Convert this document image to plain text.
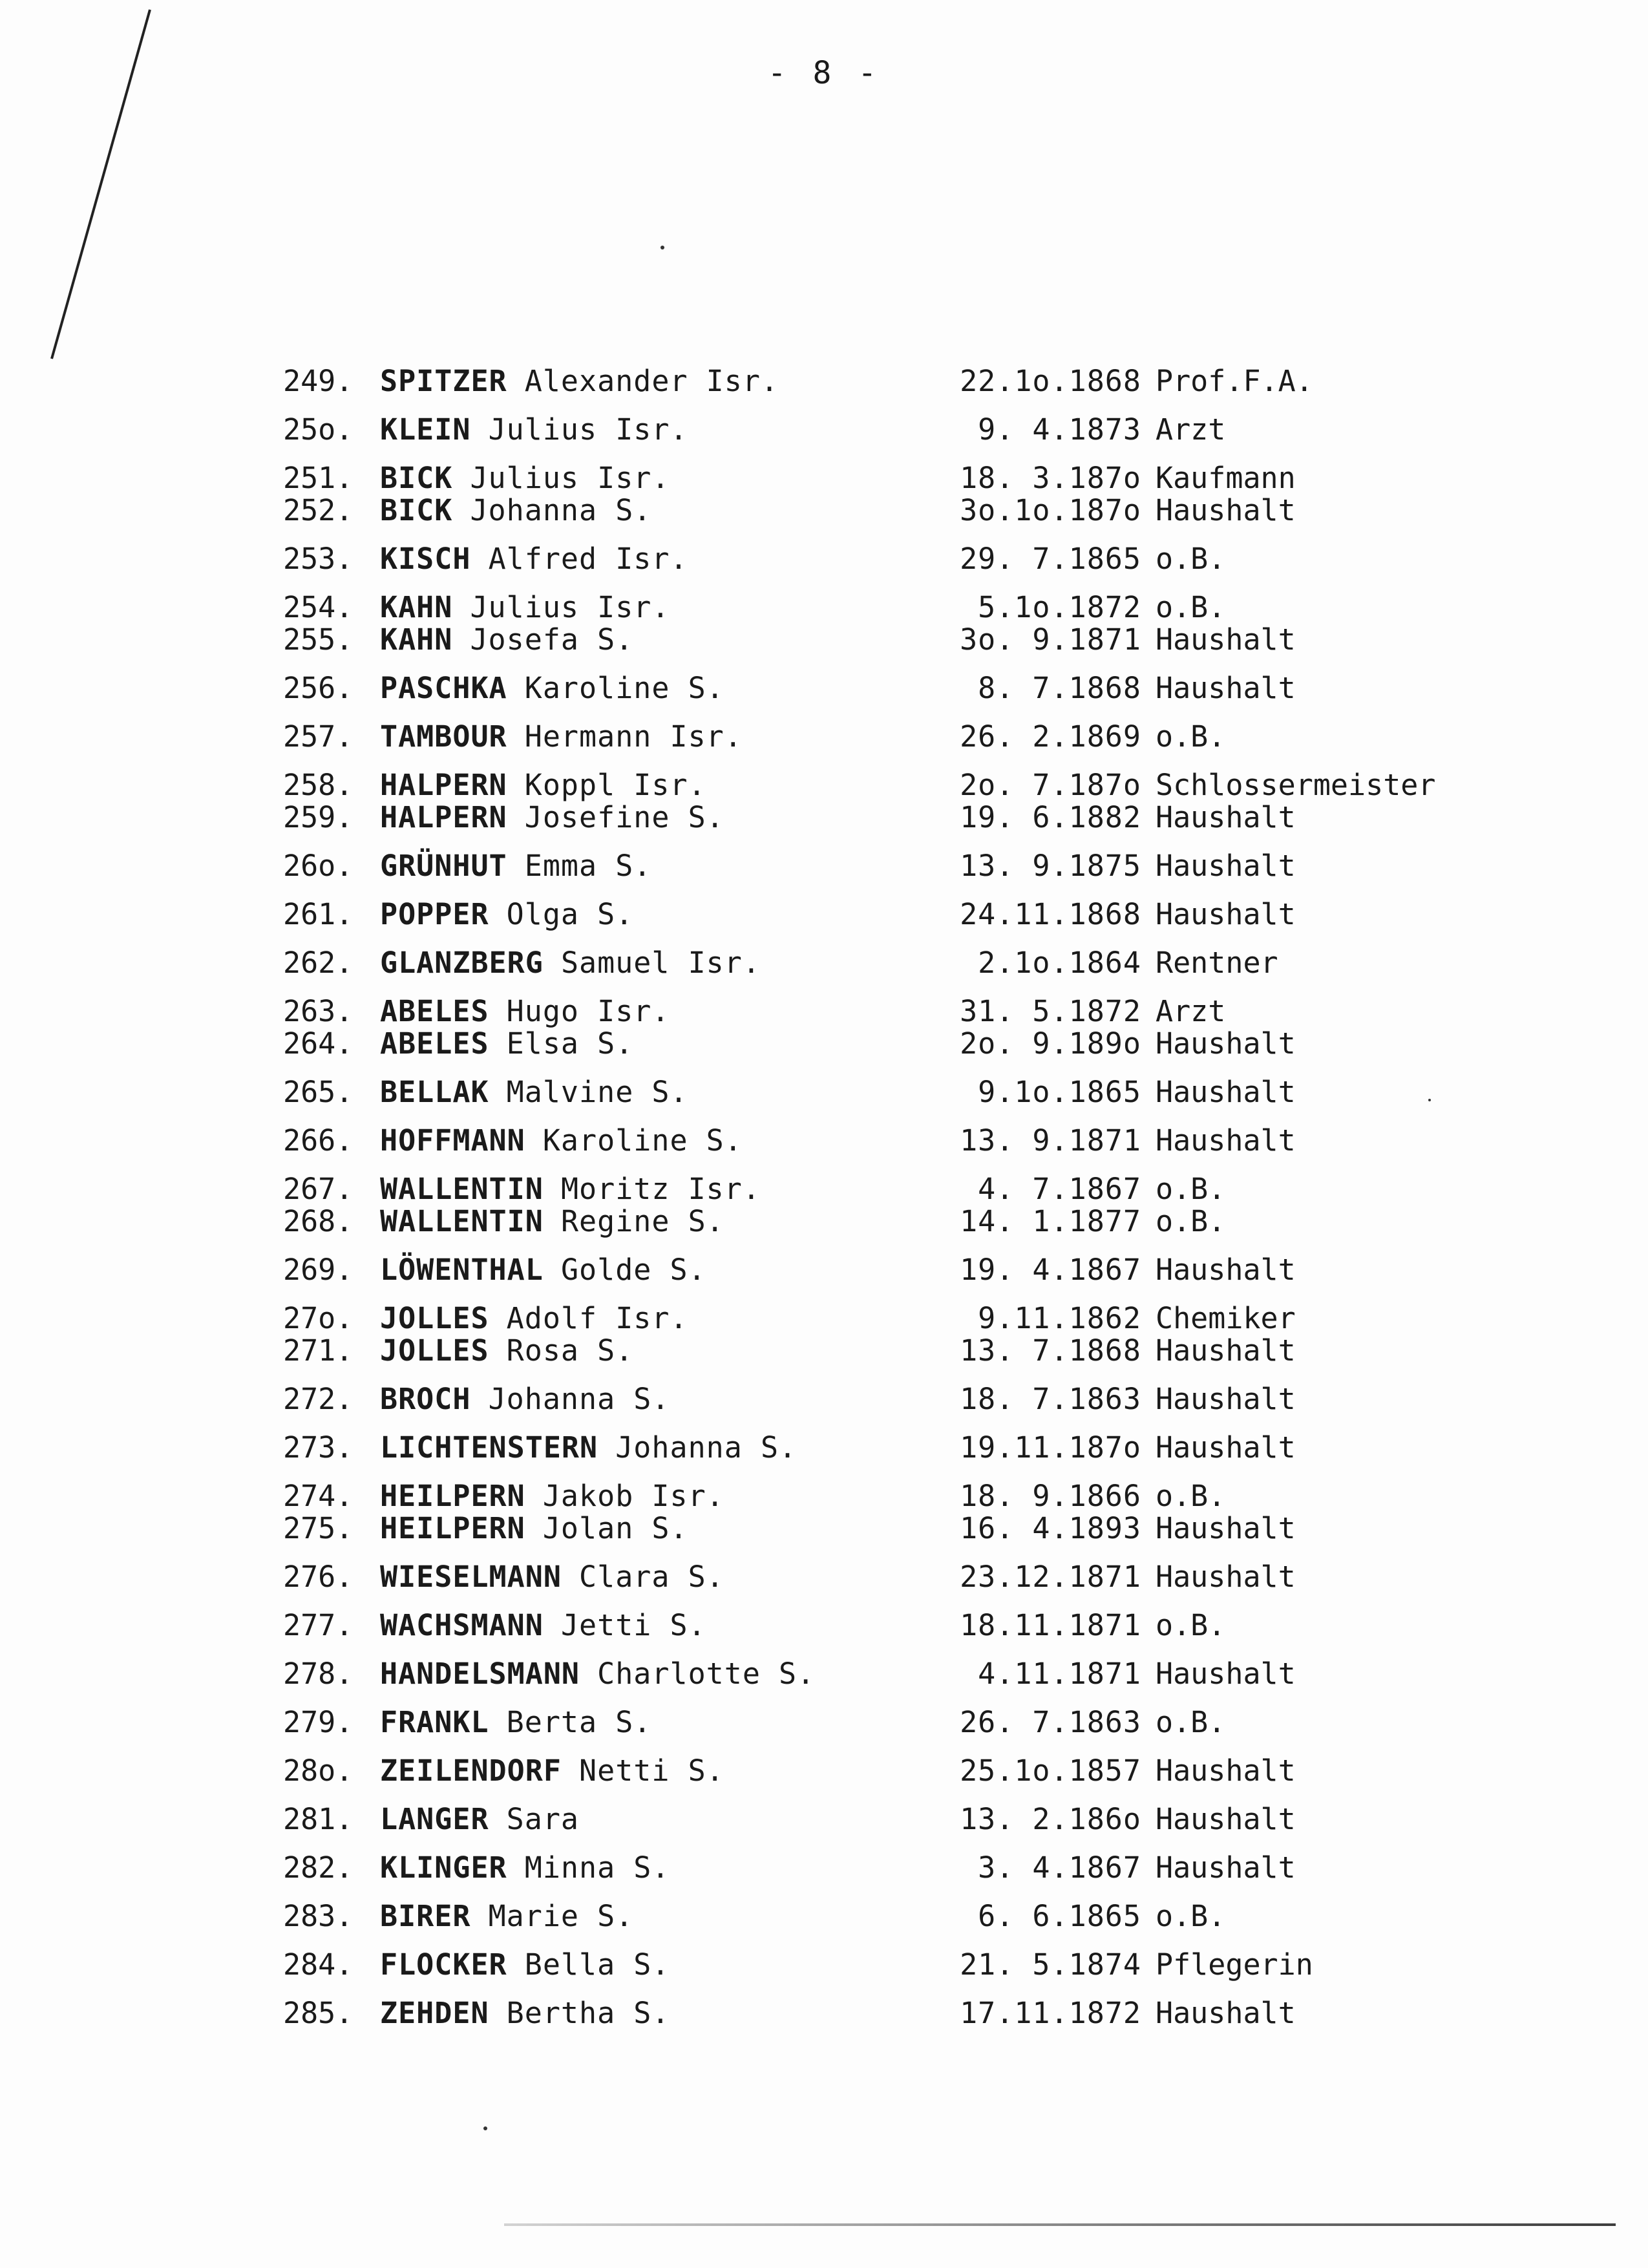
- 8 -
249. SPITZER Alexander Isr.	22.1o.1868 Prof.F.A.
25o. KLEIN Julius Isr.	9. 4.1873 Arzt
251. BICK Julius Isr.	18. 3.187o Kaufmann
252. BICK Johanna S.	3o.1o.187o Haushalt
253. KISCH Alfred Isr.	29. 7.1865 o.B.
254. KAHN Julius Isr.	5.1o.1872 o.B.
255. KAHN Josefa S.	3o. 9.1871 Haushalt
256. PASCHKA Karoline S.	8. 7.1868 Haushalt
257. TAMBOUR Hermann Isr.	26. 2.1869 o.B.
258. HALPERN Koppl Isr.	2o. 7.187o Schlossermeister
259. HALPERN Josefine S.	19. 6.1882 Haushalt
26o. GRÜNHUT Emma S.	13. 9.1875 Haushalt
261. POPPER Olga S.	24.11.1868 Haushalt
262. GLANZBERG Samuel Isr.	2.1o.1864 Rentner
263. ABELES Hugo Isr.	31. 5.1872 Arzt
264. ABELES Elsa S.	2o. 9.189o Haushalt
265. BELLAK Malvine S.	9.1o.1865 Haushalt
266. HOFFMANN Karoline S.	13. 9.1871 Haushalt
267. WALLENTIN Moritz Isr.	4. 7.1867 o.B.
268. WALLENTIN Regine S.	14. 1.1877 o.B.
269. LÖWENTHAL Golde S.	19. 4.1867 Haushalt
27o. JOLLES Adolf Isr.	9.11.1862 Chemiker
271. JOLLES Rosa S.	13. 7.1868 Haushalt
272. BROCH Johanna S.	18. 7.1863 Haushalt
273. LICHTENSTERN Johanna S.	19.11.187o Haushalt
274. HEILPERN Jakob Isr.	18. 9.1866 o.B.
275. HEILPERN Jolan S.	16. 4.1893 Haushalt
276. WIESELMANN Clara S.	23.12.1871 Haushalt
277. WACHSMANN Jetti S.	18.11.1871 o.B.
278. HANDELSMANN Charlotte S.	4.11.1871 Haushalt
279. FRANKL Berta S.	26. 7.1863 o.B.
28o. ZEILENDORF Netti S.	25.1o.1857 Haushalt
281. LANGER Sara	13. 2.186o Haushalt
282. KLINGER Minna S.	3. 4.1867 Haushalt
283. BIRER Marie S.	6. 6.1865 o.B.
284. FLOCKER Bella S.	21. 5.1874 Pflegerin
285. ZEHDEN Bertha S.	17.11.1872 Haushalt
